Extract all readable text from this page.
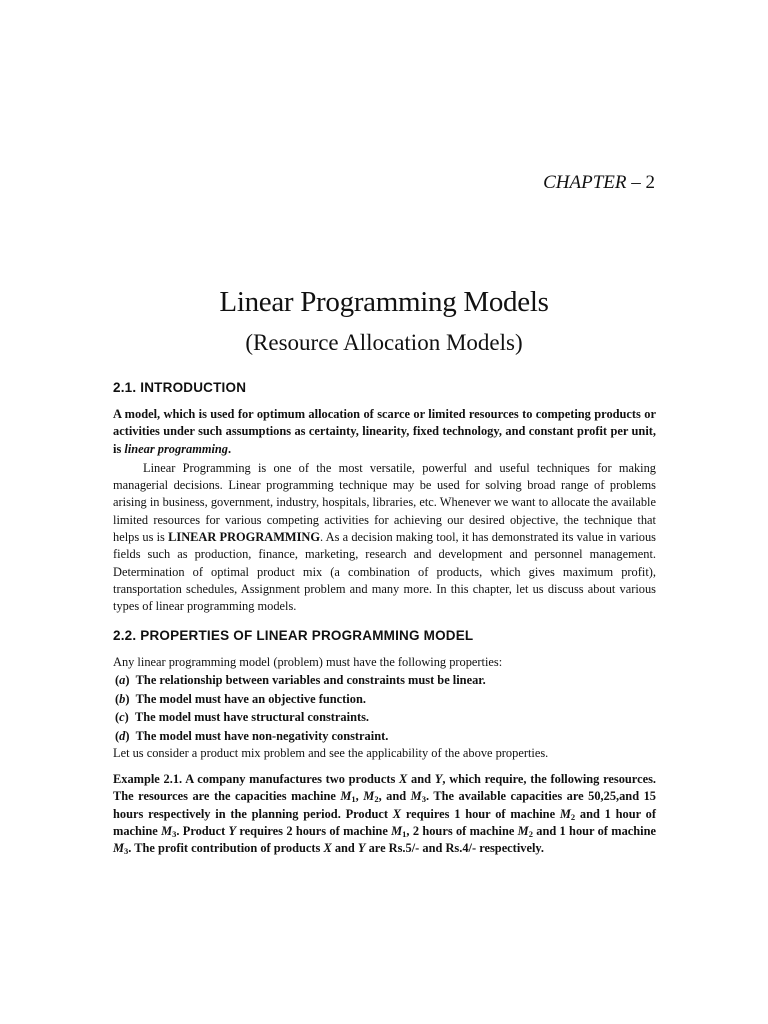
CHAPTER – 2
Linear Programming Models
(Resource Allocation Models)
2.1. INTRODUCTION

A model, which is used for optimum allocation of scarce or limited resources to competing products or activities under such assumptions as certainty, linearity, fixed technology, and constant profit per unit, is linear programming.

Linear Programming is one of the most versatile, powerful and useful techniques for making managerial decisions. Linear programming technique may be used for solving broad range of problems arising in business, government, industry, hospitals, libraries, etc. Whenever we want to allocate the available limited resources for various competing activities for achieving our desired objective, the technique that helps us is LINEAR PROGRAMMING. As a decision making tool, it has demonstrated its value in various fields such as production, finance, marketing, research and development and personnel management. Determination of optimal product mix (a combination of products, which gives maximum profit), transportation schedules, Assignment problem and many more. In this chapter, let us discuss about various types of linear programming models.

2.2. PROPERTIES OF LINEAR PROGRAMMING MODEL

Any linear programming model (problem) must have the following properties:

(a)  The relationship between variables and constraints must be linear.
(b)  The model must have an objective function.
(c)  The model must have structural constraints.
(d)  The model must have non-negativity constraint.

Let us consider a product mix problem and see the applicability of the above properties.

Example 2.1. A company manufactures two products X and Y, which require, the following resources. The resources are the capacities machine $M_1$, $M_2$, and $M_3$. The available capacities are 50,25,and 15 hours respectively in the planning period. Product X requires 1 hour of machine $M_2$ and 1 hour of machine $M_3$. Product Y requires 2 hours of machine $M_1$, 2 hours of machine $M_2$ and 1 hour of machine $M_3$. The profit contribution of products X and Y are Rs.5/- and Rs.4/- respectively.
